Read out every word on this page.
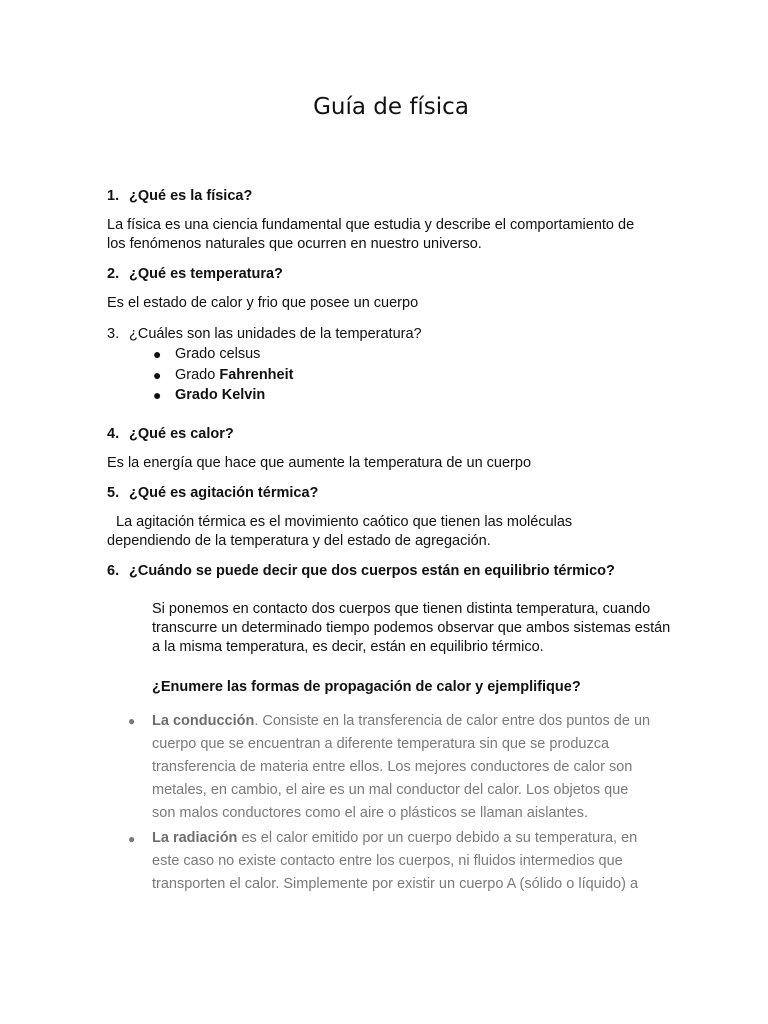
Guía de física
1. ¿Qué es la física?
La física es una ciencia fundamental que estudia y describe el comportamiento de
los fenómenos naturales que ocurren en nuestro universo.
2. ¿Qué es temperatura?
Es el estado de calor y frio que posee un cuerpo
3. ¿Cuáles son las unidades de la temperatura?
● Grado celsus
● Grado Fahrenheit
● Grado Kelvin
4. ¿Qué es calor?
Es la energía que hace que aumente la temperatura de un cuerpo
5. ¿Qué es agitación térmica?
La agitación térmica es el movimiento caótico que tienen las moléculas
dependiendo de la temperatura y del estado de agregación.
6. ¿Cuándo se puede decir que dos cuerpos están en equilibrio térmico?
Si ponemos en contacto dos cuerpos que tienen distinta temperatura, cuando
transcurre un determinado tiempo podemos observar que ambos sistemas están
a la misma temperatura, es decir, están en equilibrio térmico.
¿Enumere las formas de propagación de calor y ejemplifique?
● La conducción. Consiste en la transferencia de calor entre dos puntos de un
cuerpo que se encuentran a diferente temperatura sin que se produzca
transferencia de materia entre ellos. Los mejores conductores de calor son
metales, en cambio, el aire es un mal conductor del calor. Los objetos que
son malos conductores como el aire o plásticos se llaman aislantes.
● La radiación es el calor emitido por un cuerpo debido a su temperatura, en
este caso no existe contacto entre los cuerpos, ni fluidos intermedios que
transporten el calor. Simplemente por existir un cuerpo A (sólido o líquido) a
